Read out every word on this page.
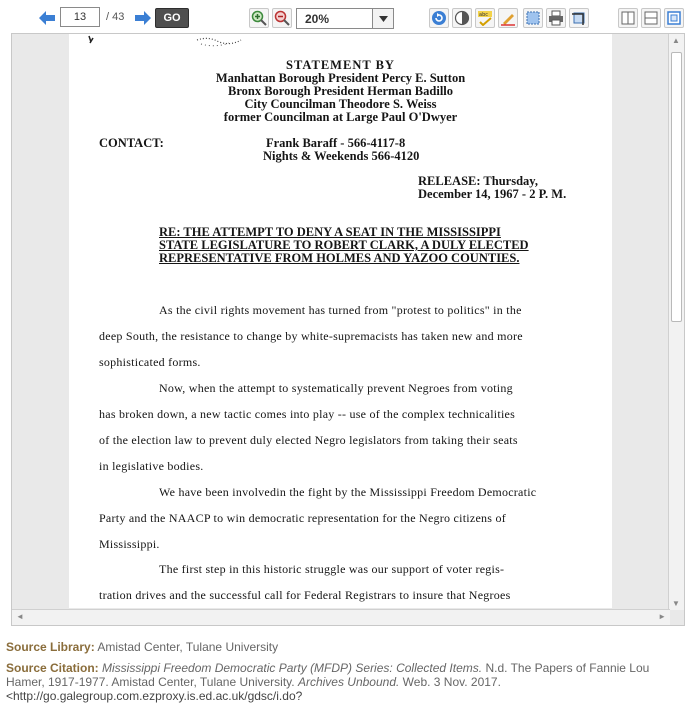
13
/ 43	GO	20%	abc
STATEMENT BY
Manhattan Borough President Percy E. Sutton
Bronx Borough President Herman Badillo
City Councilman Theodore S. Weiss
former Councilman at Large Paul O'Dwyer
CONTACT:	Frank Baraff - 566-4117-8
Nights & Weekends 566-4120
RELEASE: Thursday,
December 14, 1967 - 2 P. M.
RE: THE ATTEMPT TO DENY A SEAT IN THE MISSISSIPPI
STATE LEGISLATURE TO ROBERT CLARK, A DULY ELECTED
REPRESENTATIVE FROM HOLMES AND YAZOO COUNTIES.
As the civil rights movement has turned from "protest to politics" in the
deep South, the resistance to change by white-supremacists has taken new and more
sophisticated forms.
Now, when the attempt to systematically prevent Negroes from voting
has broken down, a new tactic comes into play -- use of the complex technicalities
of the election law to prevent duly elected Negro legislators from taking their seats
in legislative bodies.
We have been involvedin the fight by the Mississippi Freedom Democratic
Party and the NAACP to win democratic representation for the Negro citizens of
Mississippi.
The first step in this historic struggle was our support of voter regis-
tration drives and the successful call for Federal Registrars to insure that Negroes
▲
▼
◄	►
Source Library: Amistad Center, Tulane University
Source Citation: Mississippi Freedom Democratic Party (MFDP) Series: Collected Items. N.d. The Papers of Fannie Lou Hamer, 1917-1977. Amistad Center, Tulane University. Archives Unbound. Web. 3 Nov. 2017.
<http://go.galegroup.com.ezproxy.is.ed.ac.uk/gdsc/i.do?
